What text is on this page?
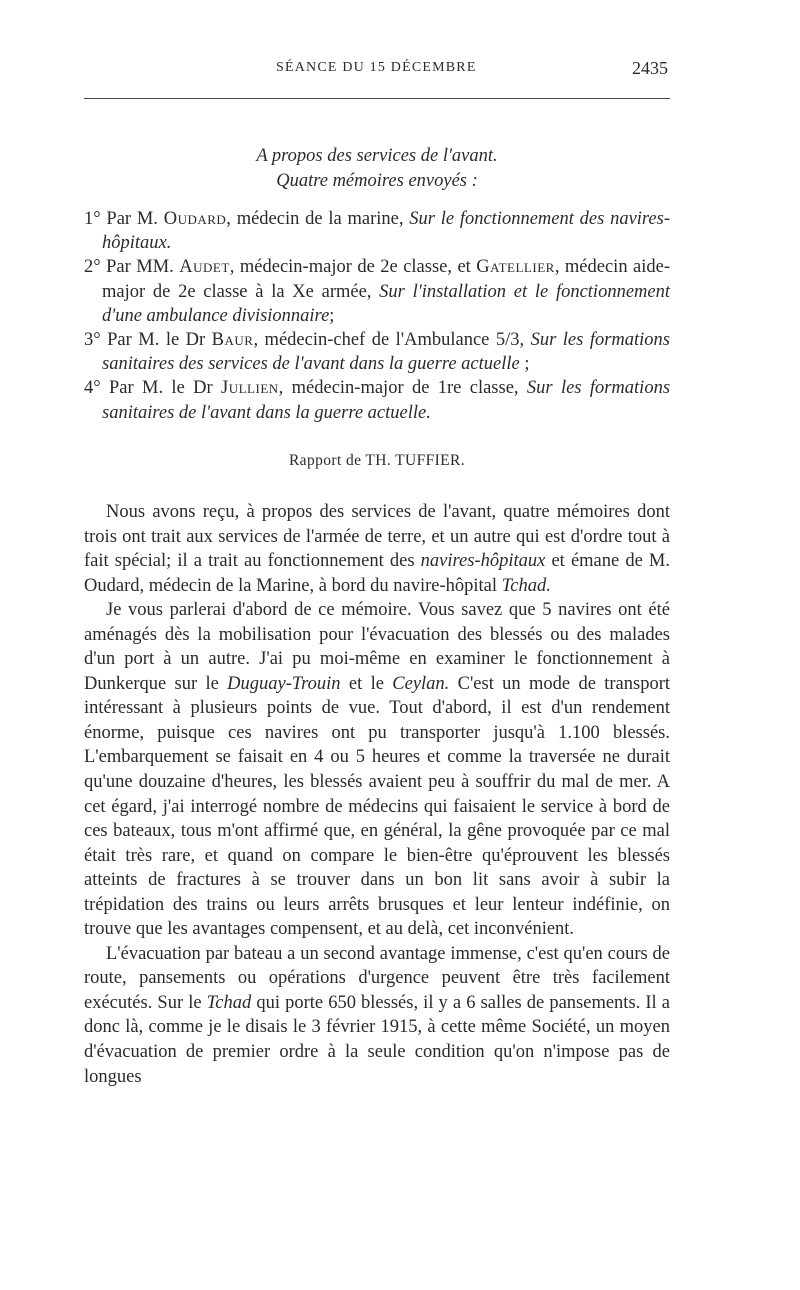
SÉANCE DU 15 DÉCEMBRE	2435
A propos des services de l'avant.
Quatre mémoires envoyés :
1° Par M. Oudard, médecin de la marine, Sur le fonctionnement des navires-hôpitaux.
2° Par MM. Audet, médecin-major de 2e classe, et Gatellier, médecin aide-major de 2e classe à la Xe armée, Sur l'installation et le fonctionnement d'une ambulance divisionnaire;
3° Par M. le Dr Baur, médecin-chef de l'Ambulance 5/3, Sur les formations sanitaires des services de l'avant dans la guerre actuelle ;
4° Par M. le Dr Jullien, médecin-major de 1re classe, Sur les formations sanitaires de l'avant dans la guerre actuelle.
Rapport de TH. TUFFIER.

Nous avons reçu, à propos des services de l'avant, quatre mémoires dont trois ont trait aux services de l'armée de terre, et un autre qui est d'ordre tout à fait spécial; il a trait au fonctionnement des navires-hôpitaux et émane de M. Oudard, médecin de la Marine, à bord du navire-hôpital Tchad.

Je vous parlerai d'abord de ce mémoire. Vous savez que 5 navires ont été aménagés dès la mobilisation pour l'évacuation des blessés ou des malades d'un port à un autre. J'ai pu moi-même en examiner le fonctionnement à Dunkerque sur le Duguay-Trouin et le Ceylan. C'est un mode de transport intéressant à plusieurs points de vue. Tout d'abord, il est d'un rendement énorme, puisque ces navires ont pu transporter jusqu'à 1.100 blessés. L'embarquement se faisait en 4 ou 5 heures et comme la traversée ne durait qu'une douzaine d'heures, les blessés avaient peu à souffrir du mal de mer. A cet égard, j'ai interrogé nombre de médecins qui faisaient le service à bord de ces bateaux, tous m'ont affirmé que, en général, la gêne provoquée par ce mal était très rare, et quand on compare le bien-être qu'éprouvent les blessés atteints de fractures à se trouver dans un bon lit sans avoir à subir la trépidation des trains ou leurs arrêts brusques et leur lenteur indéfinie, on trouve que les avantages compensent, et au delà, cet inconvénient.

L'évacuation par bateau a un second avantage immense, c'est qu'en cours de route, pansements ou opérations d'urgence peuvent être très facilement exécutés. Sur le Tchad qui porte 650 blessés, il y a 6 salles de pansements. Il a donc là, comme je le disais le 3 février 1915, à cette même Société, un moyen d'évacuation de premier ordre à la seule condition qu'on n'impose pas de longues
